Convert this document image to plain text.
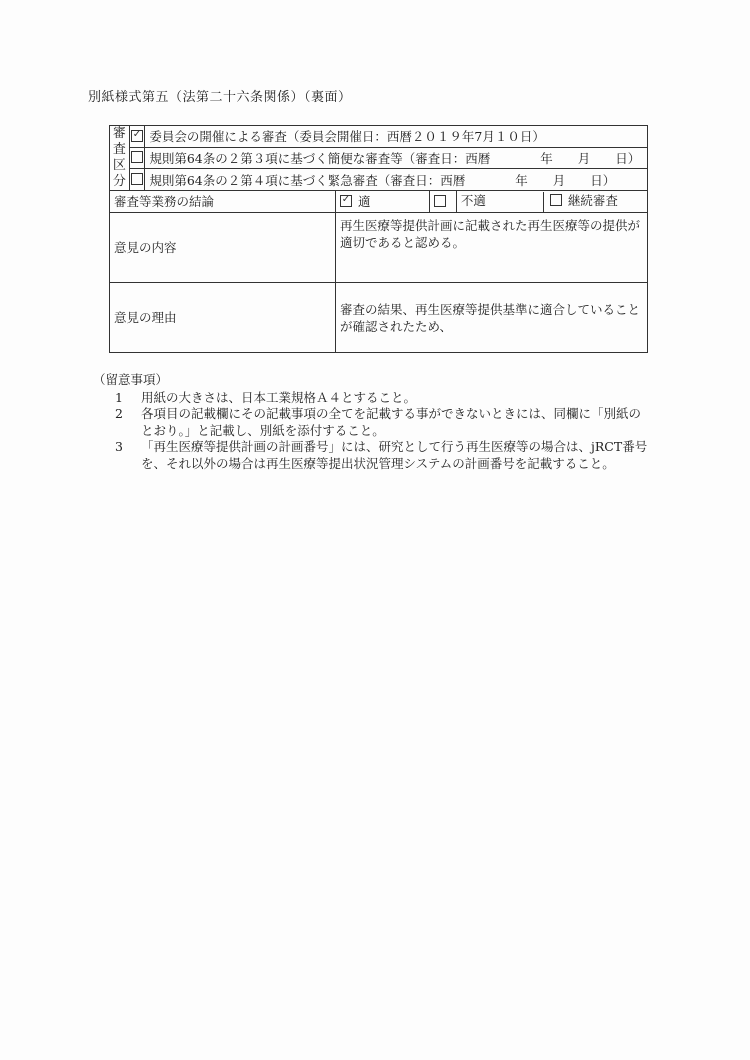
別紙様式第五（法第二十六条関係）（裏面）
審
査
区
分
	✓	委員会の開催による審査（委員会開催日：西暦２０１９年7月１０日）			
		規則第64条の２第３項に基づく簡便な審査等（審査日：西暦　　　　年　　月　　日）			
		規則第64条の２第４項に基づく緊急審査（審査日：西暦　　　　年　　月　　日）			
審査等業務の結論	✓適		不適 継続審査
意見の内容			再生医療等提供計画に記載された再生医療等の提供が適切であると認める。		
意見の理由			審査の結果、再生医療等提供基準に適合していることが確認されたため、		
（留意事項）
1	用紙の大きさは、日本工業規格Ａ４とすること。
2	各項目の記載欄にその記載事項の全てを記載する事ができないときには、同欄に「別紙のとおり。」と記載し、別紙を添付すること。
3	「再生医療等提供計画の計画番号」には、研究として行う再生医療等の場合は、jRCT番号を、それ以外の場合は再生医療等提出状況管理システムの計画番号を記載すること。
